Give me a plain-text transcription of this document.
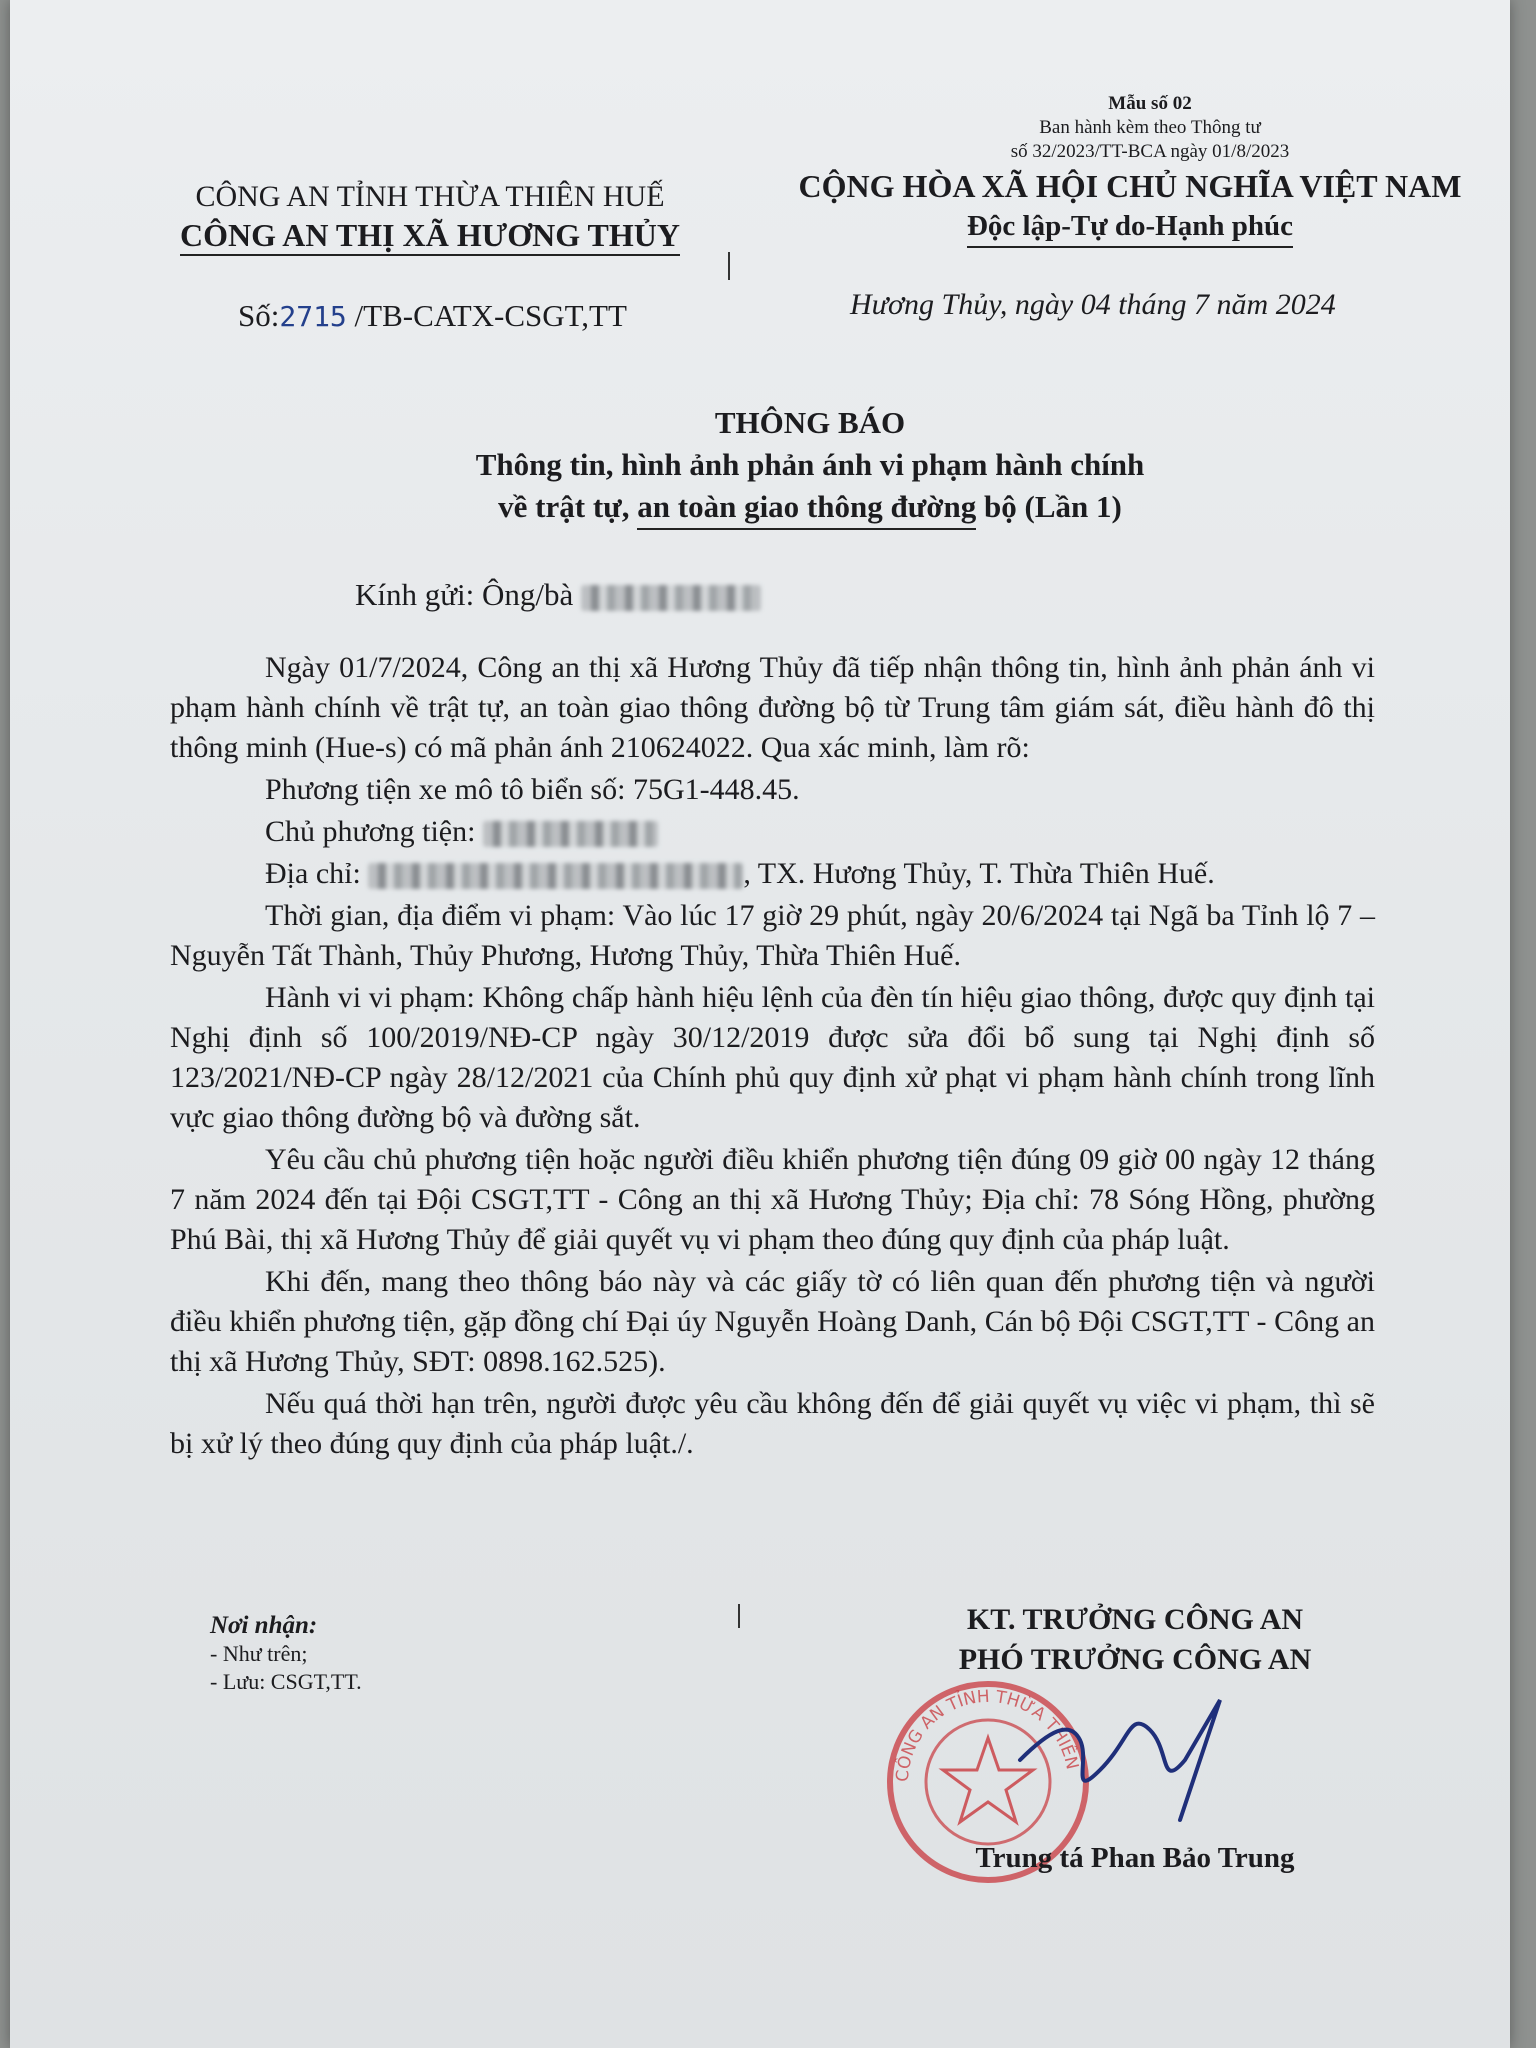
Mẫu số 02
Ban hành kèm theo Thông tư
số 32/2023/TT-BCA ngày 01/8/2023
CÔNG AN TỈNH THỪA THIÊN HUẾ
CÔNG AN THỊ XÃ HƯƠNG THỦY
CỘNG HÒA XÃ HỘI CHỦ NGHĨA VIỆT NAM
Độc lập-Tự do-Hạnh phúc
Số:2715 /TB-CATX-CSGT,TT	Hương Thủy, ngày 04 tháng 7 năm 2024
THÔNG BÁO
Thông tin, hình ảnh phản ánh vi phạm hành chính
về trật tự, an toàn giao thông đường bộ (Lần 1)
Kính gửi: Ông/bà

Ngày 01/7/2024, Công an thị xã Hương Thủy đã tiếp nhận thông tin, hình ảnh phản ánh vi phạm hành chính về trật tự, an toàn giao thông đường bộ từ Trung tâm giám sát, điều hành đô thị thông minh (Hue-s) có mã phản ánh 210624022. Qua xác minh, làm rõ:

Phương tiện xe mô tô biển số: 75G1-448.45.

Chủ phương tiện:

Địa chỉ:	, TX. Hương Thủy, T. Thừa Thiên Huế.

Thời gian, địa điểm vi phạm: Vào lúc 17 giờ 29 phút, ngày 20/6/2024 tại Ngã ba Tỉnh lộ 7 – Nguyễn Tất Thành, Thủy Phương, Hương Thủy, Thừa Thiên Huế.

Hành vi vi phạm: Không chấp hành hiệu lệnh của đèn tín hiệu giao thông, được quy định tại Nghị định số 100/2019/NĐ-CP ngày 30/12/2019 được sửa đổi bổ sung tại Nghị định số 123/2021/NĐ-CP ngày 28/12/2021 của Chính phủ quy định xử phạt vi phạm hành chính trong lĩnh vực giao thông đường bộ và đường sắt.

Yêu cầu chủ phương tiện hoặc người điều khiển phương tiện đúng 09 giờ 00 ngày 12 tháng 7 năm 2024 đến tại Đội CSGT,TT - Công an thị xã Hương Thủy; Địa chỉ: 78 Sóng Hồng, phường Phú Bài, thị xã Hương Thủy để giải quyết vụ vi phạm theo đúng quy định của pháp luật.

Khi đến, mang theo thông báo này và các giấy tờ có liên quan đến phương tiện và người điều khiển phương tiện, gặp đồng chí Đại úy Nguyễn Hoàng Danh, Cán bộ Đội CSGT,TT - Công an thị xã Hương Thủy, SĐT: 0898.162.525).

Nếu quá thời hạn trên, người được yêu cầu không đến để giải quyết vụ việc vi phạm, thì sẽ bị xử lý theo đúng quy định của pháp luật./.

Nơi nhận:
- Như trên;
- Lưu: CSGT,TT.
KT. TRƯỞNG CÔNG AN
PHÓ TRƯỞNG CÔNG AN
CÔNG AN TỈNH THỪA THIÊN
Trung tá Phan Bảo Trung
